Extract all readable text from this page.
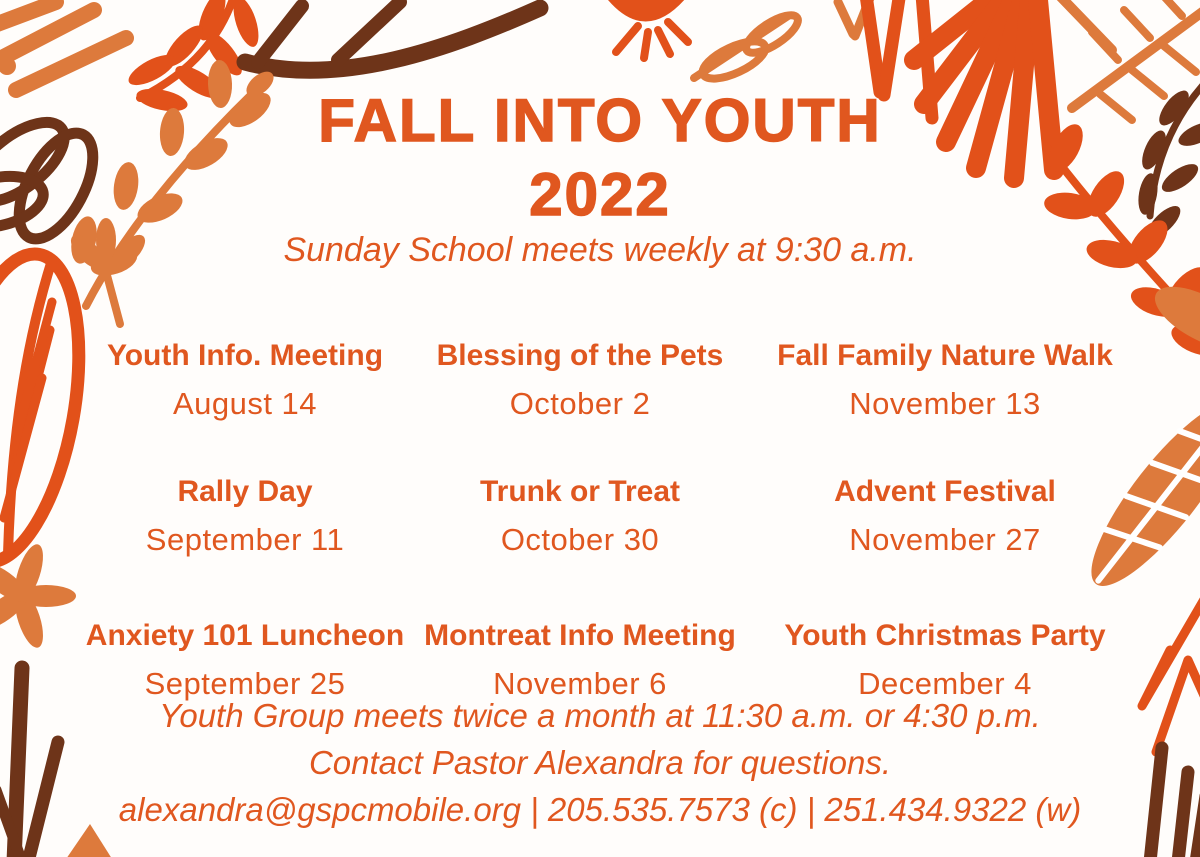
FALL INTO YOUTH
2022

Sunday School meets weekly at 9:30 a.m.

Youth Info. Meeting
August 14
Blessing of the Pets
October 2
Fall Family Nature Walk
November 13
Rally Day
September 11
Trunk or Treat
October 30
Advent Festival
November 27
Anxiety 101 Luncheon
September 25
Montreat Info Meeting
November 6
Youth Christmas Party
December 4
Youth Group meets twice a month at 11:30 a.m. or 4:30 p.m.
Contact Pastor Alexandra for questions.
alexandra@gspcmobile.org | 205.535.7573 (c) | 251.434.9322 (w)
